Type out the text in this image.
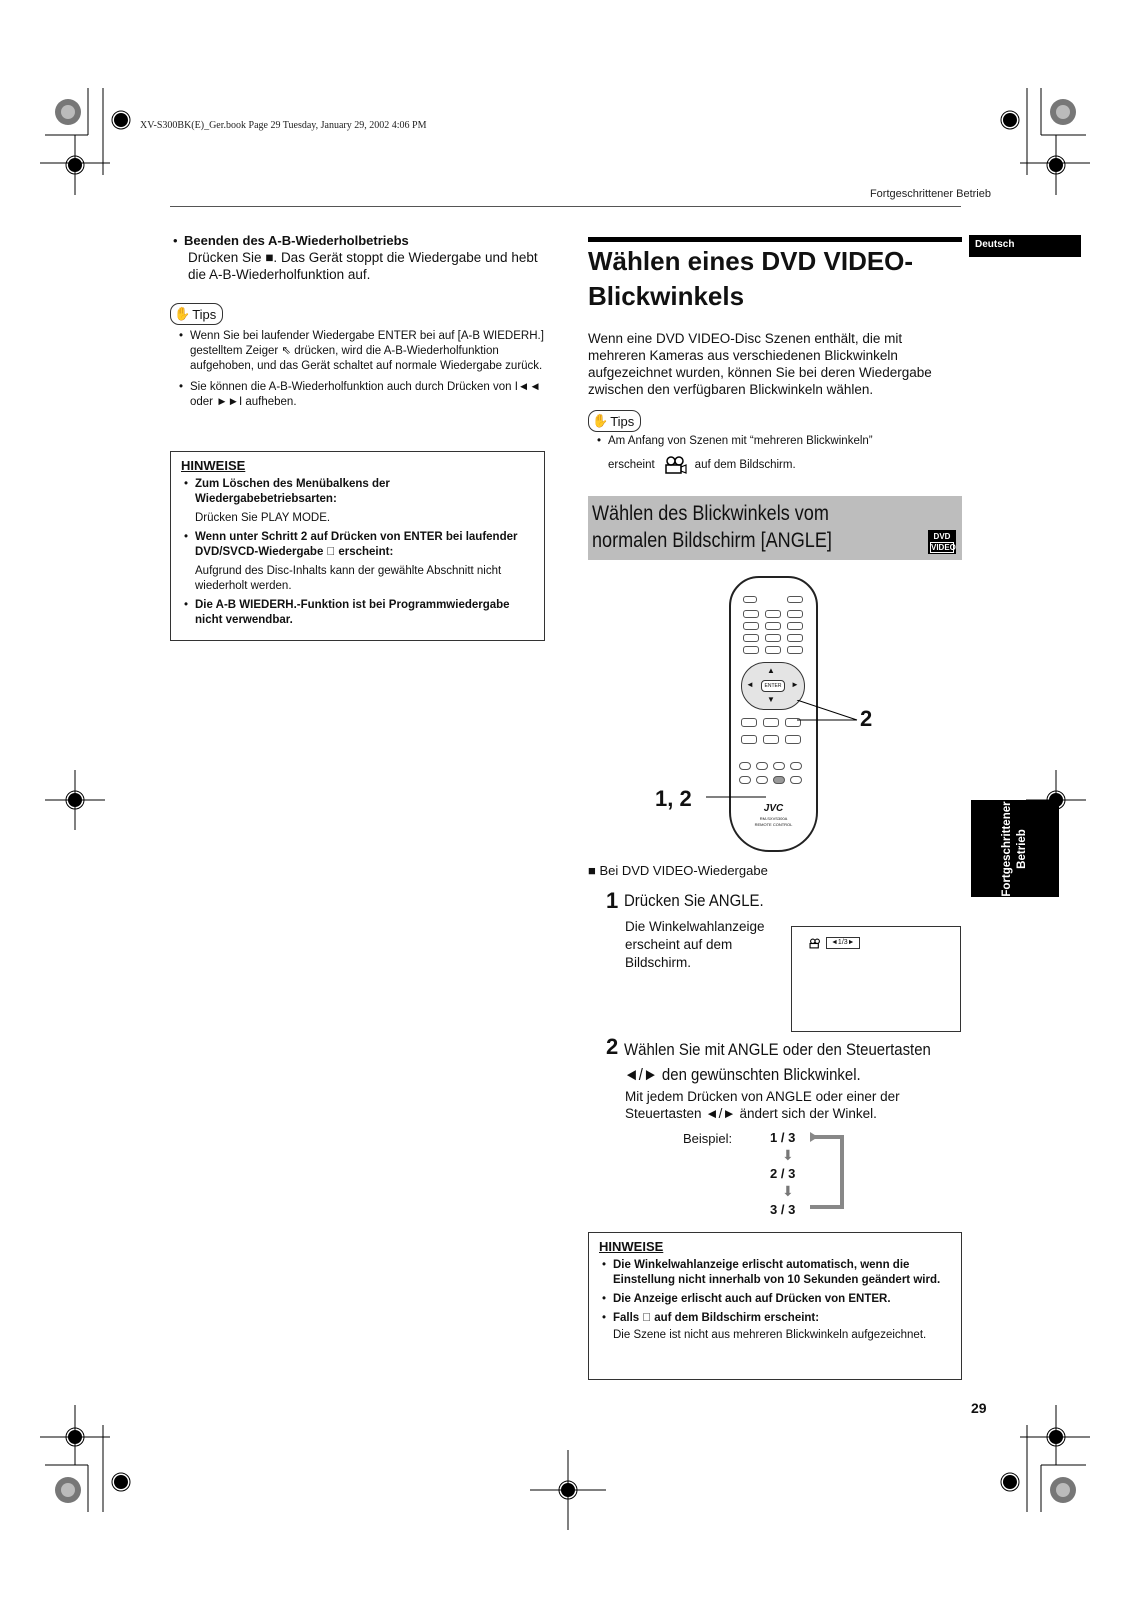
XV-S300BK(E)_Ger.book Page 29 Tuesday, January 29, 2002 4:06 PM
Fortgeschrittener Betrieb
Deutsch
• Beenden des A-B-Wiederholbetriebs
Drücken Sie ■. Das Gerät stoppt die Wiedergabe und hebt die A-B-Wiederholfunktion auf.
✋ Tips
• Wenn Sie bei laufender Wiedergabe ENTER bei auf [A-B WIEDERH.] gestelltem Zeiger ⇖ drücken, wird die A-B-Wiederholfunktion aufgehoben, und das Gerät schaltet auf normale Wiedergabe zurück.
• Sie können die A-B-Wiederholfunktion auch durch Drücken von I◄◄ oder ►►I aufheben.
HINWEISE
• Zum Löschen des Menübalkens der Wiedergabebetriebsarten:
Drücken Sie PLAY MODE.
• Wenn unter Schritt 2 auf Drücken von ENTER bei laufender DVD/SVCD-Wiedergabe ⃠ erscheint:
Aufgrund des Disc-Inhalts kann der gewählte Abschnitt nicht wiederholt werden.
• Die A-B WIEDERH.-Funktion ist bei Programmwiedergabe nicht verwendbar.
Wählen eines DVD VIDEO-
Blickwinkels
Wenn eine DVD VIDEO-Disc Szenen enthält, die mit mehreren Kameras aus verschiedenen Blickwinkeln aufgezeichnet wurden, können Sie bei deren Wiedergabe zwischen den verfügbaren Blickwinkeln wählen.
✋ Tips
• Am Anfang von Szenen mit “mehreren Blickwinkeln”
erscheint	auf dem Bildschirm.
Wählen des Blickwinkels vom
normalen Bildschirm [ANGLE]	DVD
VIDEO
ENTER
▲
▼
◄	►
JVC
RM-SXVS300A
REMOTE CONTROL
2
1, 2
■ Bei DVD VIDEO-Wiedergabe
1 Drücken Sie ANGLE.
Die Winkelwahlanzeige erscheint auf dem Bildschirm.
◄1/3►
2 Wählen Sie mit ANGLE oder den Steuertasten
◄/► den gewünschten Blickwinkel.
Mit jedem Drücken von ANGLE oder einer der Steuertasten ◄/► ändert sich der Winkel.
Beispiel:	1 / 3
⬇
2 / 3
⬇
3 / 3
HINWEISE
• Die Winkelwahlanzeige erlischt automatisch, wenn die Einstellung nicht innerhalb von 10 Sekunden geändert wird.
• Die Anzeige erlischt auch auf Drücken von ENTER.
• Falls ⃠ auf dem Bildschirm erscheint:
Die Szene ist nicht aus mehreren Blickwinkeln aufgezeichnet.
Fortgeschrittener Betrieb
29
